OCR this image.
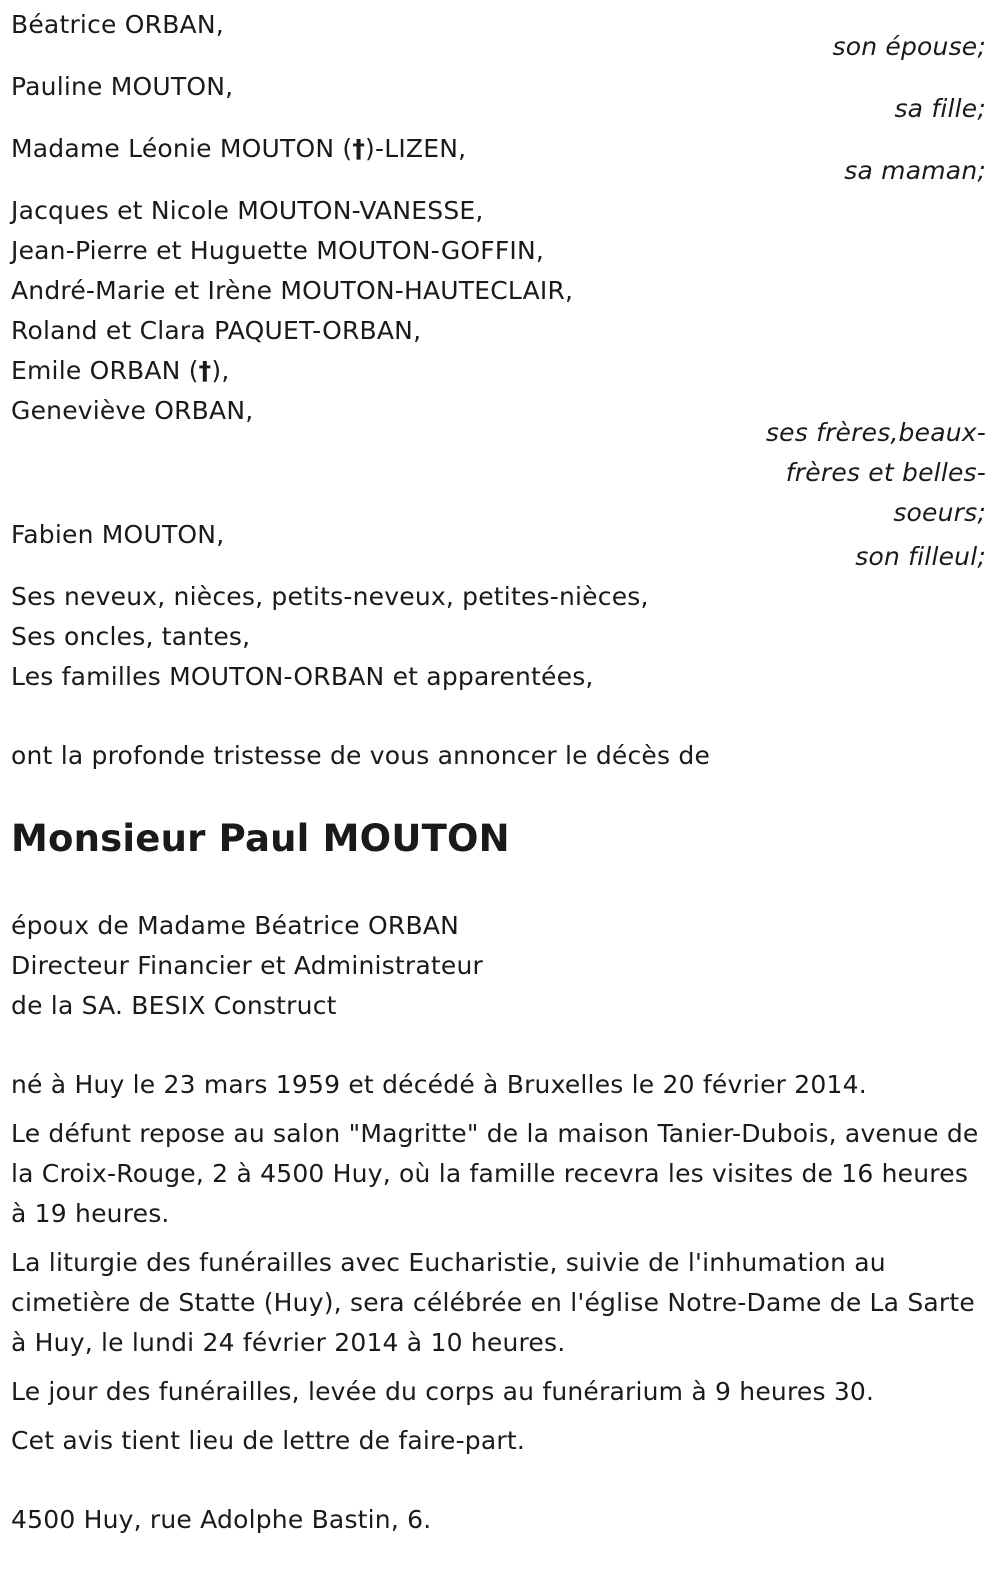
Béatrice ORBAN,
son épouse;
Pauline MOUTON,
sa fille;
Madame Léonie MOUTON (†)-LIZEN,
sa maman;
Jacques et Nicole MOUTON-VANESSE,
Jean-Pierre et Huguette MOUTON-GOFFIN,
André-Marie et Irène MOUTON-HAUTECLAIR,
Roland et Clara PAQUET-ORBAN,
Emile ORBAN (†),
Geneviève ORBAN,
ses frères,beaux-
frères et belles-
soeurs;
Fabien MOUTON,
son filleul;
Ses neveux, nièces, petits-neveux, petites-nièces,
Ses oncles, tantes,
Les familles MOUTON-ORBAN et apparentées,
ont la profonde tristesse de vous annoncer le décès de
Monsieur Paul MOUTON
époux de Madame Béatrice ORBAN
Directeur Financier et Administrateur
de la SA. BESIX Construct
né à Huy le 23 mars 1959 et décédé à Bruxelles le 20 février 2014.
Le défunt repose au salon "Magritte" de la maison Tanier-Dubois, avenue de la Croix-Rouge, 2 à 4500 Huy, où la famille recevra les visites de 16 heures à 19 heures.
La liturgie des funérailles avec Eucharistie, suivie de l'inhumation au cimetière de Statte (Huy), sera célébrée en l'église Notre-Dame de La Sarte à Huy, le lundi 24 février 2014 à 10 heures.
Le jour des funérailles, levée du corps au funérarium à 9 heures 30.
Cet avis tient lieu de lettre de faire-part.
4500 Huy, rue Adolphe Bastin, 6.
